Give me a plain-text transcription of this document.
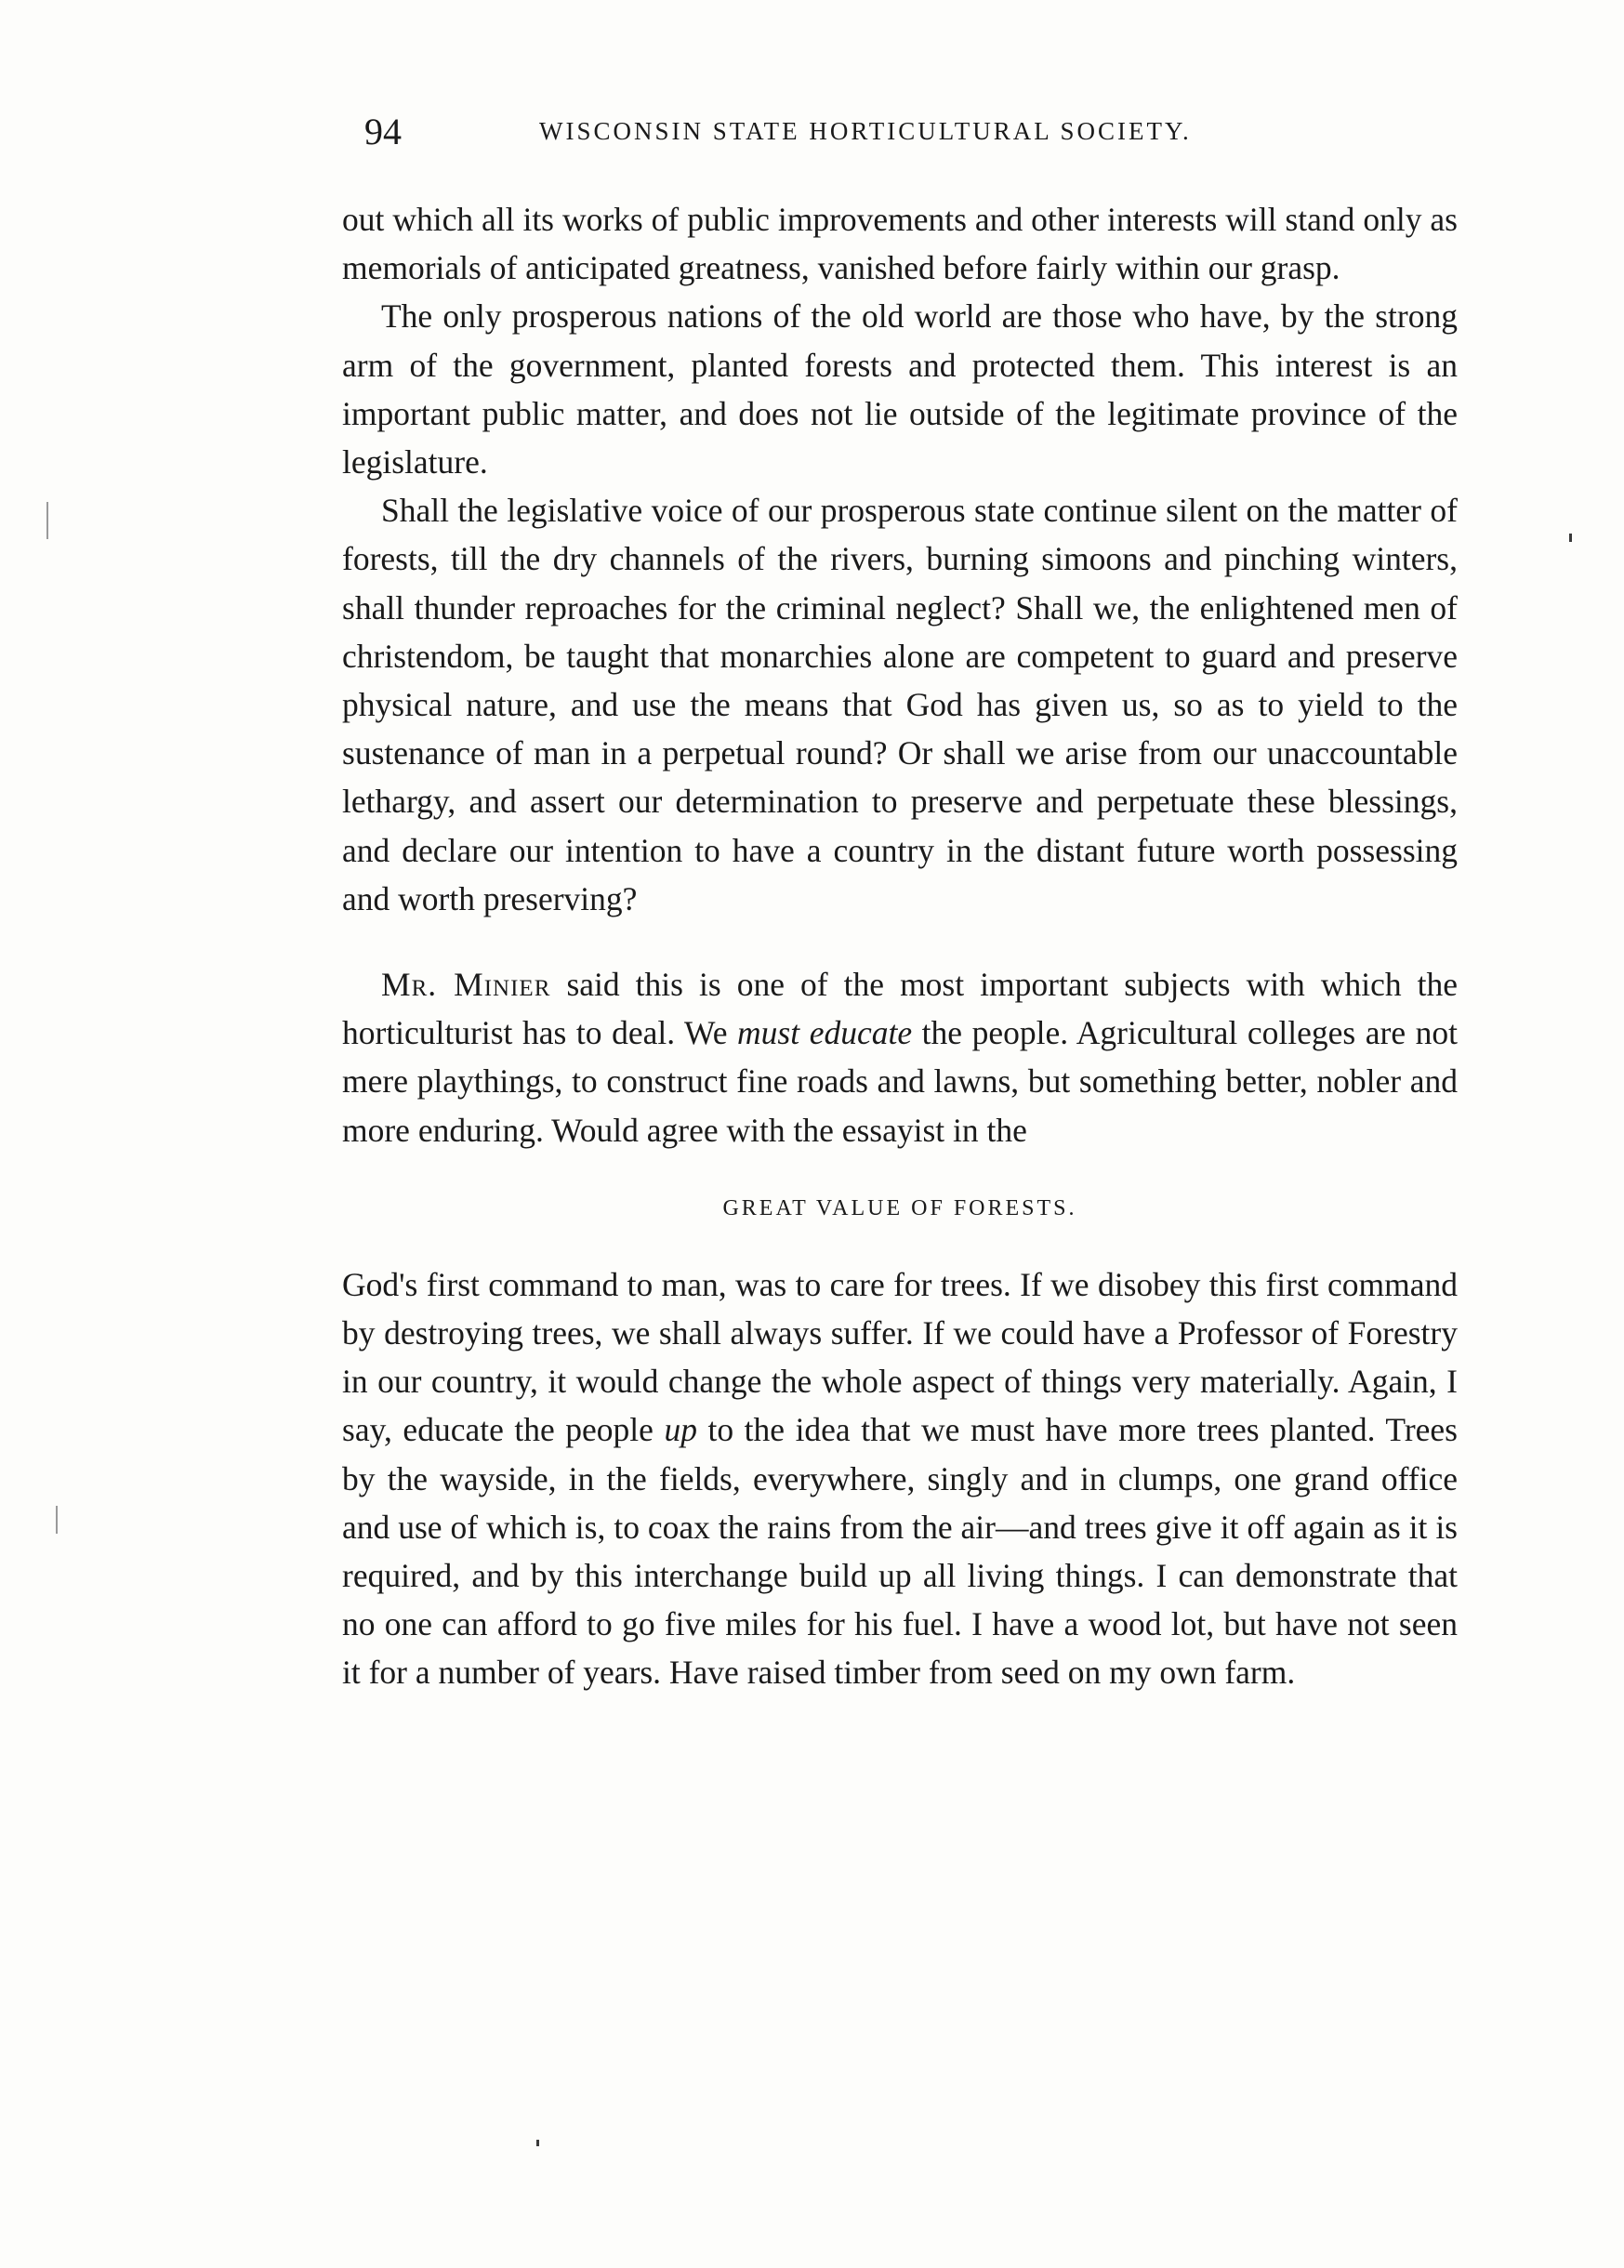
94	WISCONSIN STATE HORTICULTURAL SOCIETY.

out which all its works of public improvements and other interests will stand only as memorials of anticipated greatness, vanished before fairly within our grasp.

The only prosperous nations of the old world are those who have, by the strong arm of the government, planted forests and protected them. This interest is an important public matter, and does not lie outside of the legitimate province of the legislature.

Shall the legislative voice of our prosperous state continue silent on the matter of forests, till the dry channels of the rivers, burning simoons and pinching winters, shall thunder reproaches for the criminal neglect? Shall we, the enlightened men of christendom, be taught that monarchies alone are competent to guard and preserve physical nature, and use the means that God has given us, so as to yield to the sustenance of man in a perpetual round? Or shall we arise from our unaccountable lethargy, and assert our determination to preserve and perpetuate these blessings, and declare our intention to have a country in the distant future worth possessing and worth preserving?

Mr. Minier said this is one of the most important subjects with which the horticulturist has to deal. We must educate the people. Agricultural colleges are not mere playthings, to construct fine roads and lawns, but something better, nobler and more enduring. Would agree with the essayist in the

GREAT VALUE OF FORESTS.

God's first command to man, was to care for trees. If we disobey this first command by destroying trees, we shall always suffer. If we could have a Professor of Forestry in our country, it would change the whole aspect of things very materially. Again, I say, educate the people up to the idea that we must have more trees planted. Trees by the wayside, in the fields, everywhere, singly and in clumps, one grand office and use of which is, to coax the rains from the air—and trees give it off again as it is required, and by this interchange build up all living things. I can demonstrate that no one can afford to go five miles for his fuel. I have a wood lot, but have not seen it for a number of years. Have raised timber from seed on my own farm.
